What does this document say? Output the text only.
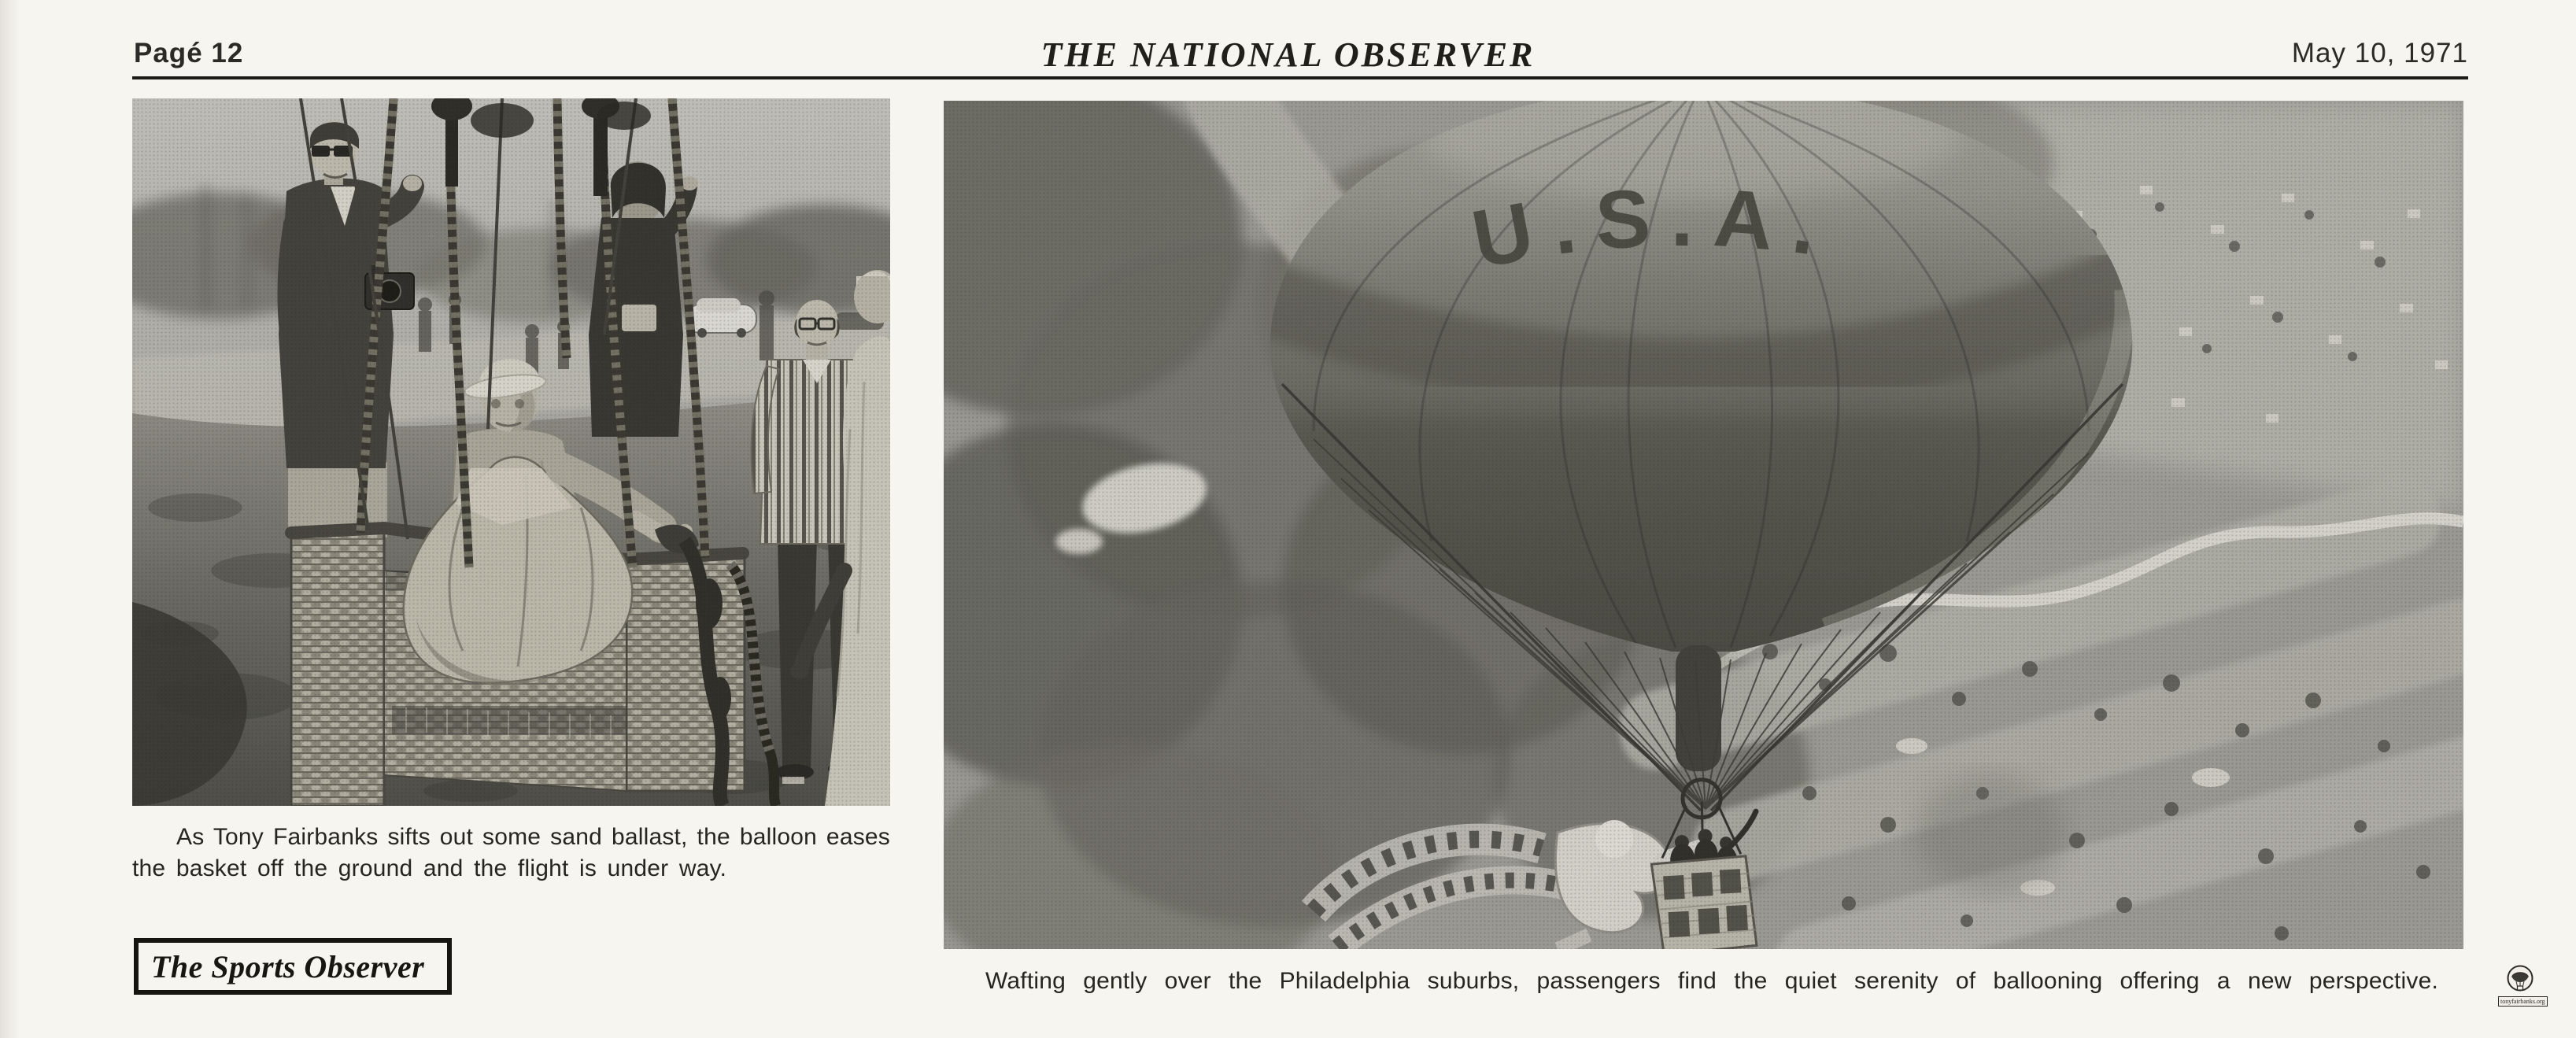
Pagé 12	THE NATIONAL OBSERVER	May 10, 1971
As Tony Fairbanks sifts out some sand ballast, the balloon eases
the basket off the ground and the flight is under way.
Wafting gently over the Philadelphia suburbs, passengers find the quiet serenity of ballooning offering a new perspective.
The Sports Observer
tonyfairbanks.org
